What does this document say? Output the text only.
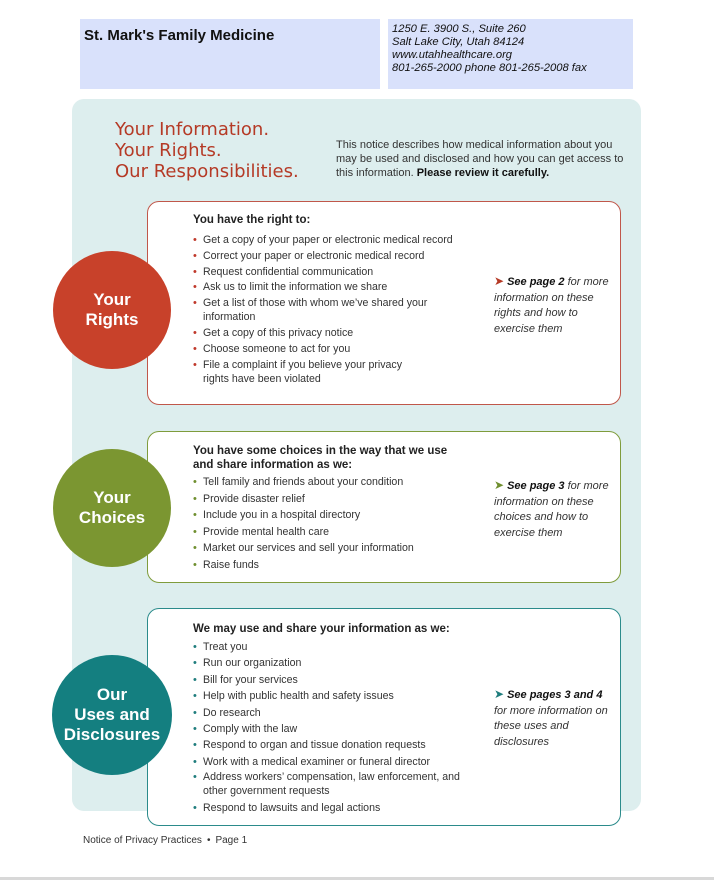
St. Mark's Family Medicine	1250 E. 3900 S., Suite 260
Salt Lake City, Utah 84124
www.utahhealthcare.org
801-265-2000 phone 801-265-2008 fax
Your Information.
Your Rights.
Our Responsibilities.
This notice describes how medical information about you may be used and disclosed and how you can get access to this information. Please review it carefully.
You have the right to:
• Get a copy of your paper or electronic medical record
• Correct your paper or electronic medical record
• Request confidential communication
• Ask us to limit the information we share
• Get a list of those with whom we’ve shared your information
• Get a copy of this privacy notice
• Choose someone to act for you
• File a complaint if you believe your privacy rights have been violated
➤ See page 2 for more information on these rights and how to exercise them
Your
Rights
You have some choices in the way that we use and share information as we:
• Tell family and friends about your condition
• Provide disaster relief
• Include you in a hospital directory
• Provide mental health care
• Market our services and sell your information
• Raise funds
➤ See page 3 for more information on these choices and how to exercise them
Your
Choices
We may use and share your information as we:
• Treat you
• Run our organization
• Bill for your services
• Help with public health and safety issues
• Do research
• Comply with the law
• Respond to organ and tissue donation requests
• Work with a medical examiner or funeral director
• Address workers’ compensation, law enforcement, and other government requests
• Respond to lawsuits and legal actions
➤ See pages 3 and 4 for more information on these uses and disclosures
Our
Uses and
Disclosures
Notice of Privacy Practices • Page 1
